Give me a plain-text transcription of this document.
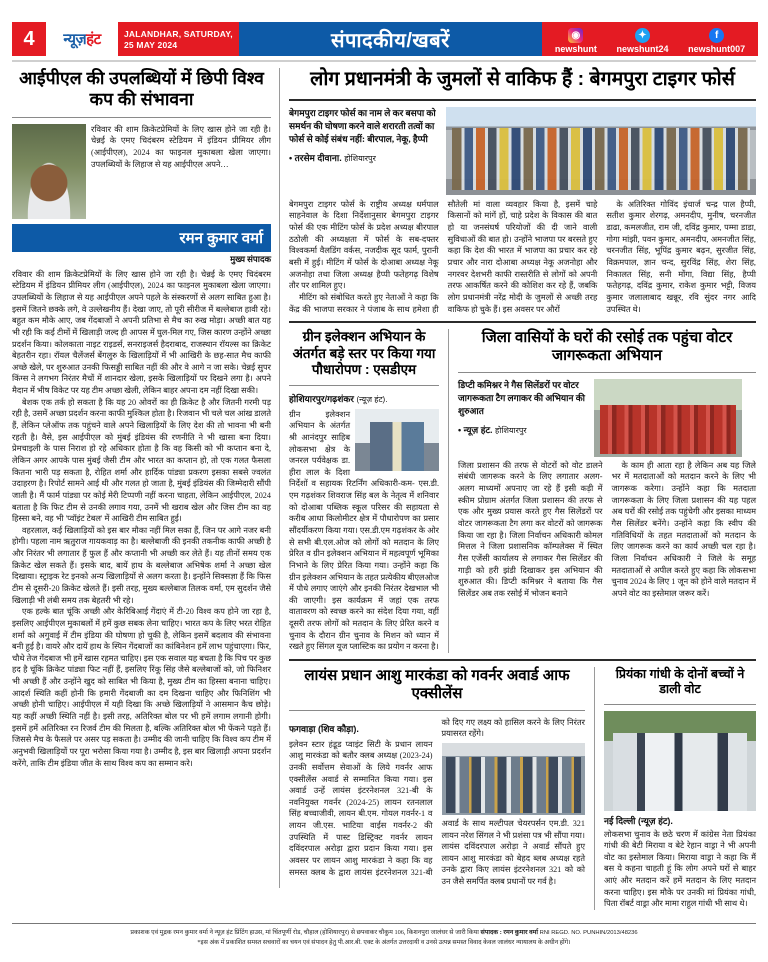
4	न्यूज़हंट	JALANDHAR, SATURDAY,
25 MAY 2024	संपादकीय/खबरें	◉
newshunt
✦
newshunt24
f
newshunt007
आईपीएल की उपलब्धियों में छिपी विश्व कप की संभावना

रविवार की शाम क्रिकेटप्रेमियों के लिए खास होने जा रही है। चेन्नई के एमए चिदंबरम स्टेडियम में इंडियन प्रीमियर लीग (आईपीएल), 2024 का फाइनल मुकाबला खेला जाएगा। उपलब्धियों के लिहाज से यह आईपीएल अपने…

रमन कुमार वर्मा
मुख्य संपादक

रविवार की शाम क्रिकेटप्रेमियों के लिए खास होने जा रही है। चेन्नई के एमए चिदंबरम स्टेडियम में इंडियन प्रीमियर लीग (आईपीएल), 2024 का फाइनल मुकाबला खेला जाएगा। उपलब्धियों के लिहाज से यह आईपीएल अपने पहले के संस्करणों से अलग साबित हुआ है। इसमें जितने छक्के लगे, वे उल्लेखनीय हैं। देखा जाए, तो पूरी सीरीज में बल्लेबाज हावी रहे। बहुत कम मौके आए, जब गेंदबाजों ने अपनी प्रतिभा से मैच का रुख मोड़ा। अच्छी बात यह भी रही कि कई टीमों में खिलाड़ी जल्द ही आपस में घुल-मिल गए, जिस कारण उन्होंने अच्छा प्रदर्शन किया। कोलकाता नाइट राइडर्स, सनराइजर्स हैदराबाद, राजस्थान रॉयल्स का क्रिकेट बेहतरीन रहा। रॉयल चैलेंजर्स बेंगलुरु के खिलाड़ियों में भी आखिरी के छह-सात मैच काफी अच्छे खेले, पर शुरुआत उनकी फिसड्डी साबित नहीं की और वे आगे न जा सके। चेन्नई सुपर किंग्स ने लगभग निरंतर मैचों में शानदार खेला, इसके खिलाड़ियों पर दिखने लगा है। अपने मैदान में भीष विकेट पर यह टीम अच्छा खेली, लेकिन बाहर अपना दम नहीं दिखा सकी।

बेशक एक तर्क हो सकता है कि यह 20 ओवरों का ही क्रिकेट है और जितनी गरमी पड़ रही है, उसमें अच्छा प्रदर्शन करना काफी मुश्किल होता है। रिजवान भी चले चल आंख डालते हैं, लेकिन प्लेऑफ तक पहुंचने वाले अपने खिलाड़ियों के लिए देश की तो भावना भी बनी रहती है। वैसे, इस आईपीएल को मुंबई इंडियंस की रणनीति ने भी खासा बना दिया। प्रेमचाइली के पास निराश हो रहे अधिकार होता है कि वह किसी को भी कप्तान बना दे, लेकिन अगर आपके पास मुंबई जैसी टीम और भारत का कप्तान हो, तो एक गलत फैसला कितना भारी पड़ सकता है, रोहित शर्मा और हार्दिक पांड्या प्रकरण इसका सबसे ज्वलंत उदाहरण है। रिपोर्ट सामने आई थी और गलत हो जाता है, मुंबई इंडियंस की जिम्मेदारी सौंपी जाती है। मैं फार्म पांड्या पर कोई मेरी टिप्पणी नहीं करना चाहता, लेकिन आईपीएल, 2024 बताता है कि फिट टीम से उनकी लगाव गया, उनमें भी खराब खेल और जिस टीम का वह हिस्सा बने, वह भी 'प्वॉइंट टेबल' में आखिरी टीम साबित हुई।

वहरलाल, कई खिलाड़ियों को इस बार मौका नहीं मिल सका हैं, जिन पर आगे नजर बनी होगी। पहला नाम ऋतुराज गायकवाड़ का है। बल्लेबाजी की इनकी तकनीक काफी अच्छी है और निरंतर भी लगातार हैं फुल हैं और कप्तानी भी अच्छी कर लेते हैं। यह तीनों समय एक क्रिकेट खेल सकते हैं। इसके बाद, बायें हाथ के बल्लेबाज अभिषेक शर्मा ने अच्छा खेल दिखाया। स्ट्राइक रेट इनको अन्य खिलाड़ियों से अलग करता है। इन्होंने सिक्सज्ञा हैं कि फिस टीम से दूसरी-20 क्रिकेट खेलते हैं। इसी तरह, मुख्य बल्लेबाज तिलक वर्मा, एम सुदर्शन जैसे खिलाड़ी भी लंबी समय तक बेहतरी भी रहे।

एक हल्के बात चूंकि अच्छी और केरिबिआई गेंदाएं में टी-20 विश्व कप होने जा रहा है, इसलिए आईपीएल मुकाबलों में हमें कुछ सबक लेना चाहिए। भारत कप के लिए भरत रोहित शर्मा को अगुवाई में टीम इंडिया की घोषणा हो चुकी है, लेकिन इसमें बदलाव की संभावना बनी हुई है। वायरे और दायें हाथ के स्पिन गेंदबाजों का कांबिनेशन हमें लाभ पहुंचाएगा। फिर, चौथे तेज गेंदबाज भी हमें खास रहमत चाहिए। इस एक सवाल यह बचता है कि पिच पर कुछ हद है चूंकि क्रिकेट पांड्या फिट नहीं हैं, इसलिए रिंकू सिंह जैसे बल्लेबाजों को, जो फिनिशर भी अच्छी हैं और उन्होंने खुद को साबित भी किया है, मुख्य टीम का हिस्सा बनाना चाहिए। आदर्श स्थिति कहीं होनी कि हमारी गेंदबाजी का दम दिखना चाहिए और फिनिशिंग भी अच्छी होनी चाहिए। आईपीएल में यही दिखा कि अच्छे खिलाड़ियों ने आसमान कैच छोड़े। यह कहीं अच्छी स्थिति नहीं है। इसी तरह, अतिरिक्त बोल पर भी हमें लगाम लगानी होगी। इसमें हमें अतिरिक्त रन रिजर्व टीम की मिलता है, बल्कि अतिरिक्त बोल भी फेंकने पड़ते हैं। जिससे मैच के फैसले पर असर पड़ सकता है। उम्मीद की जानी चाहिए कि विश्व कप टीम में अनुभवी खिलाड़ियों पर पूरा भरोसा किया गया है। उम्मीद है, इस बार खिलाड़ी अपना प्रदर्शन करेंगे, ताकि टीम इंडिया जीत के साथ विश्व कप का सम्मान करे।

लोग प्रधानमंत्री के जुमलों से वाकिफ हैं : बेगमपुरा टाइगर फोर्स

बेगमपुरा टाइगर फोर्स का नाम ले कर बसपा को समर्थन की घोषणा करने वाले शरारती तत्वों का फोर्स से कोई संबंध नहीं: बीरपाल, नेकू, हैप्पी

• तरसेम दीवाना. होशियारपुर

बेगमपुरा टाइगर फोर्स के राष्ट्रीय अध्यक्ष धर्मपाल साहनेवाल के दिशा निर्देशानुसार बेगमपुरा टाइगर फोर्स की एक मीटिंग फोर्स के प्रदेश अध्यक्ष बीरपाल ठठोली की अध्यक्षता में फोर्स के सब-दफ्तर विश्वकर्मा वैलडिंग वर्कस, नजदीक सूद फार्म, पुरानी बसी में हुई। मीटिंग में फोर्स के दोआबा अध्यक्ष नेकू अजनोहा तथा जिला अध्यक्ष हैप्पी फतेहगढ़ विशेष तौर पर शामिल हुए।

मीटिंग को संबोधित करते हुए नेताओं ने कहा कि केंद्र की भाजपा सरकार ने पंजाब के साथ हमेशा ही सौतेली मां वाला व्यवहार किया है, इसमें चाहे किसानों को मांगें हों, चाहे प्रदेश के विकास की बात हो या जनसंघर्ष परियोजों की दी जाने वाली सुविधाओं की बात हो। उन्होंने भाजपा पर बरसते हुए कहा कि देश की भारत में भाजपा का प्रचार कर रहे प्रचार और नारा दोआबा अध्यक्ष नेकू अजनोहा और नगरवर देशभरी काफी रास्तरीति से लोगों को अपनी तरफ आकर्षित करने की कोशिश कर रहे हैं, जबकि लोग प्रधानमंत्री नरेंद्र मोदी के जुमलों से अच्छी तरह वाकिफ हो चुके हैं। इस अवसर पर औरों

के अतिरिक्त गोविंद इंचार्ज चन्द्र पाल हैप्पी, सतीश कुमार शेरगढ़, अमनदीप, मुनीष, चरनजीत डाढा, कमलजीत, राम जी, दविंद्र कुमार, पम्मा डाडा, गोगा मांझी, पवन कुमार, अमनदीप, अमनजीत सिंह, चरनजीत सिंह, भूपिंद्र कुमार बढ़न, सुरजीत सिंह, विक्रमपाल, ज्ञान चन्द, सुरविंद्र सिंह, शेरा सिंह, निकालत सिंह, सनी मोंगा, विद्या सिंह, हैप्पी फतेहगढ़, दविंद्र कुमार, राकेश कुमार भट्टी, विजय कुमार जलालाबाद खन्नूर, रवि सुंदर नगर आदि उपस्थित थे।

ग्रीन इलेक्शन अभियान के अंतर्गत बड़े स्तर पर किया गया पौधारोपण : एसडीएम
होशियारपुर/गढ़शंकर (न्यूज़ हंट).

ग्रीन इलेक्शन अभियान के अंतर्गत श्री आनंदपुर साहिब लोकसभा क्षेत्र के जनरल पर्यवेक्षक डा. हीरा लाल के दिशा निर्देशों व सहायक रिटर्निंग अधिकारी-कम- एस.डी. एम गढ़शंकर शिवराज सिंह बल के नेतृत्व में शनिवार को दोआबा पब्लिक स्कूल परिसर की सहायता से करीब आधा किलोमीटर क्षेत्र में पौधारोपण का प्रसार सौंदर्यीकरण किया गया। एस.डी.एम गढ़शंकर के ओर से सभी बी.एल.ओज को लोगों को मतदान के लिए प्रेरित व ग्रीन इलेक्शन अभियान में महत्वपूर्ण भूमिका निभाने के लिए प्रेरित किया गया। उन्होंने कहा कि ग्रीन इलेक्शन अभियान के तहत प्रत्येकीय बीएलओज में पौधे लगाए जाएंगे और इनकी निरंतर देखभाल भी की जाएगी। इस कार्यक्रम में जहां एक तरफ वातावरण को स्वच्छ करने का संदेश दिया गया, वहीं दूसरी तरफ लोगों को मतदान के लिए प्रेरित करने व चुनाव के दौरान ग्रीन चुनाव के मिशन को ध्यान में रखते हुए सिंगल यूज प्लास्टिक का प्रयोग न करना है।

जिला वासियों के घरों की रसोई तक पहुंचा वोटर जागरूकता अभियान

डिप्टी कमिश्नर ने गैस सिलेंडरों पर वोटर जागरूकता टैग लगाकर की अभियान की शुरुआत

• न्यूज़ हंट. होशियारपुर

जिला प्रशासन की तरफ से वोटरों को वोट डालने संबंधी जागरूक करने के लिए लगातार अलग-अलग माध्यमों अपनाए जा रहे हैं इसी कड़ी में स्कीम प्रोग्राम अंतर्गत जिला प्रशासन की तरफ से एक और मुख्य प्रयास करते हुए गैस सिलेंडरों पर वोटर जागरूकता टैग लगा कर वोटरों को जागरूक किया जा रहा है। जिला निर्वाचन अधिकारी कोमल मित्तल ने जिला प्रशासनिक कॉम्पलेक्स में स्थित गैस एजेंसी कार्यालय से लगाकर गैस सिलेंडर की गाड़ी को हरी झंडी दिखाकर इस अभियान की शुरुआत की। डिप्टी कमिश्नर ने बताया कि गैस सिलेंडर अब तक रसोई में भोजन बनाने

के काम ही आता रहा है लेकिन अब यह जिले भर में मतदाताओं को मतदान करने के लिए भी जागरूक करेगा। उन्होंने कहा कि मतदाता जागरूकता के लिए जिला प्रशासन की यह पहल अब घरों की रसोई तक पहुंचेगी और इसका माध्यम गैस सिलेंडर बनेंगे। उन्होंने कहा कि स्वीप की गतिविधियों के तहत मतदाताओं को मतदान के लिए जागरूक करने का कार्य अच्छी चल रहा है। जिला निर्वाचन अधिकारी ने जिले के समूह मतदाताओं से अपील करते हुए कहा कि लोकसभा चुनाव 2024 के लिए 1 जून को होने वाले मतदान में अपने वोट का इस्तेमाल जरूर करें।

लायंस प्रधान आशु मारकंडा को गवर्नर अवार्ड आफ एक्सीलेंस
फगवाड़ा (शिव कौड़ा).

इलेवन स्टार हंडूड प्वाइंट सिटी के प्रधान लायन आशु मारकंडा को बतौर क्लब अध्यक्ष (2023-24) उनकी सर्वोत्तम सेवाओं के लिये गवर्नर आफ एक्सीलेंस अवार्ड से सम्मानित किया गया। इस अवार्ड उन्हें लायंस इंटरनेशनल 321-बी के नवनियुक्त गवर्नर (2024-25) लायन रतनलाल सिंह बच्चाजीवी, लायन बी.एम. गोयल गवर्नर-1 व लायन जी.एस. भाटिया वाईस गवर्नर-2 की उपस्थिति में पास्ट डिस्ट्रिक्ट गवर्नर लायन दविंदरपाल अरोड़ा द्वारा प्रदान किया गया। इस अवसर पर लायन आशु मारकंडा ने कहा कि वह समस्त क्लब के द्वारा लायंस इंटरनेशनल 321-बी को दिए गए लक्ष्य को हासिल करने के लिए निरंतर प्रयासरत रहेंगे।

अवार्ड के साथ मल्टीपल चेयरपर्सन एम.डी. 321 लायन नरेश सिंगल ने भी प्रशंसा पत्र भी सौंपा गया। लायंस दविंदरपाल अरोड़ा ने अवार्ड सौंपते हुए लायन आशु मारकंडा को बेहद ब्लब अध्यक्ष रहते उनके द्वारा किए लायंस इंटरनेशनल 321 को को उन जैसे समर्पित क्लब प्रधानों पर गर्व है।

प्रियंका गांधी के दोनों बच्चों ने डाली वोट
नई दिल्ली (न्यूज़ हंट).

लोकसभा चुनाव के छठे चरण में कांग्रेस नेता प्रियंका गांधी की बेटी मिराया व बेटे रेहान वाड्रा ने भी अपनी वोट का इस्तेमाल किया। मिराया वाड्रा ने कहा कि मैं बस ये कहना चाहती हूं कि लोग अपने घरों से बाहर आएं और मतदान करें हमें मतदान के लिए मतदान करना चाहिए। इस मौके पर उनकी मां प्रियंका गांधी, पिता रॉबर्ट वाड्रा और मामा राहुल गांधी भी साथ थे।

प्रकाशक एवं मुद्रक रमन कुमार वर्मा ने न्यूज़ हंट प्रिंटिंग हाउस, मां चिंतपूर्णी रोड, चौहाल (होशियारपुर) से छपवाकर चौकुम 106, किशनपुरा जालंधर से जारी किया संपादक : रमन कुमार वर्मा RNI REGD. NO. PUNHIN/2013/48236

*इस अंक में प्रकाशित समस्त सचवारों का चयन एवं संपादन हेतु पी.आर.बी. एक्ट के अंतर्गत उत्तरदायी व उनसे उत्पन्न समस्त विवाद केवल जालंधर न्यायालय के अधीन होंगे।
